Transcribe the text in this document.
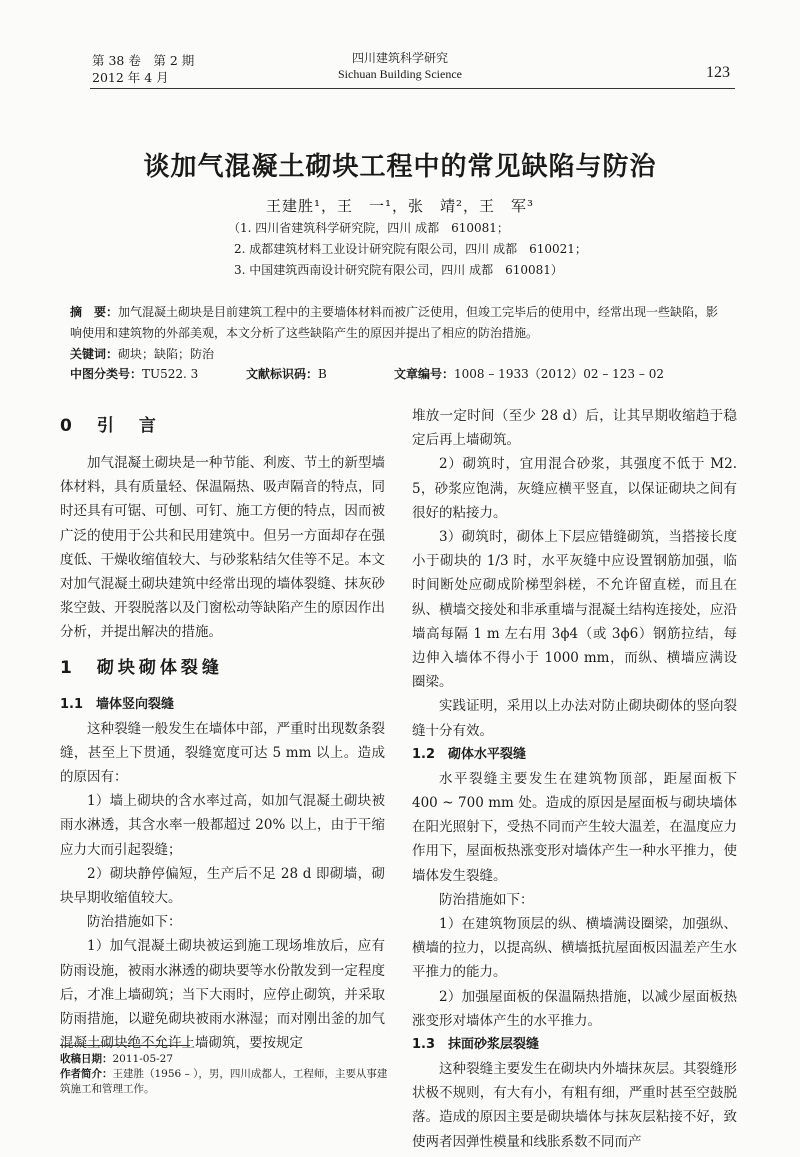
第 38 卷　第 2 期
2012 年 4 月
四川建筑科学研究
Sichuan Building Science	123
谈加气混凝土砌块工程中的常见缺陷与防治
王建胜¹，王　一¹，张　靖²，王　军³
（1. 四川省建筑科学研究院，四川 成都　610081；
2. 成都建筑材料工业设计研究院有限公司，四川 成都　610021；
3. 中国建筑西南设计研究院有限公司，四川 成都　610081）
摘　要：加气混凝土砌块是目前建筑工程中的主要墙体材料而被广泛使用，但竣工完毕后的使用中，经常出现一些缺陷，影响使用和建筑物的外部美观，本文分析了这些缺陷产生的原因并提出了相应的防治措施。
关键词：砌块；缺陷；防治
中图分类号：TU522. 3	文献标识码：B	文章编号：1008 – 1933（2012）02 – 123 – 02
0　引　言

加气混凝土砌块是一种节能、利废、节土的新型墙体材料，具有质量轻、保温隔热、吸声隔音的特点，同时还具有可锯、可刨、可钉、施工方便的特点，因而被广泛的使用于公共和民用建筑中。但另一方面却存在强度低、干燥收缩值较大、与砂浆粘结欠佳等不足。本文对加气混凝土砌块建筑中经常出现的墙体裂缝、抹灰砂浆空鼓、开裂脱落以及门窗松动等缺陷产生的原因作出分析，并提出解决的措施。

1　砌块砌体裂缝
1.1　墙体竖向裂缝

这种裂缝一般发生在墙体中部，严重时出现数条裂缝，甚至上下贯通，裂缝宽度可达 5 mm 以上。造成的原因有：

1）墙上砌块的含水率过高，如加气混凝土砌块被雨水淋透，其含水率一般都超过 20% 以上，由于干缩应力大而引起裂缝；

2）砌块静停偏短，生产后不足 28 d 即砌墙，砌块早期收缩值较大。

防治措施如下：

1）加气混凝土砌块被运到施工现场堆放后，应有防雨设施，被雨水淋透的砌块要等水份散发到一定程度后，才准上墙砌筑；当下大雨时，应停止砌筑，并采取防雨措施，以避免砌块被雨水淋湿；而对刚出釜的加气混凝土砌块绝不允许上墙砌筑，要按规定

堆放一定时间（至少 28 d）后，让其早期收缩趋于稳定后再上墙砌筑。

2）砌筑时，宜用混合砂浆，其强度不低于 M2. 5，砂浆应饱满，灰缝应横平竖直，以保证砌块之间有很好的粘接力。

3）砌筑时，砌体上下层应错缝砌筑，当搭接长度小于砌块的 1/3 时，水平灰缝中应设置钢筋加强，临时间断处应砌成阶梯型斜槎，不允许留直槎，而且在纵、横墙交接处和非承重墙与混凝土结构连接处，应沿墙高每隔 1 m 左右用 3ϕ4（或 3ϕ6）钢筋拉结，每边伸入墙体不得小于 1000 mm，而纵、横墙应满设圈梁。

实践证明，采用以上办法对防止砌块砌体的竖向裂缝十分有效。

1.2　砌体水平裂缝

水平裂缝主要发生在建筑物顶部，距屋面板下 400 ~ 700 mm 处。造成的原因是屋面板与砌块墙体在阳光照射下，受热不同而产生较大温差，在温度应力作用下，屋面板热涨变形对墙体产生一种水平推力，使墙体发生裂缝。

防治措施如下：

1）在建筑物顶层的纵、横墙满设圈梁，加强纵、横墙的拉力，以提高纵、横墙抵抗屋面板因温差产生水平推力的能力。

2）加强屋面板的保温隔热措施，以减少屋面板热涨变形对墙体产生的水平推力。

1.3　抹面砂浆层裂缝

这种裂缝主要发生在砌块内外墙抹灰层。其裂缝形状极不规则，有大有小，有粗有细，严重时甚至空鼓脱落。造成的原因主要是砌块墙体与抹灰层粘接不好，致使两者因弹性模量和线胀系数不同而产

收稿日期：2011-05-27
作者简介：王建胜（1956 – ），男，四川成都人，工程师，主要从事建筑施工和管理工作。
